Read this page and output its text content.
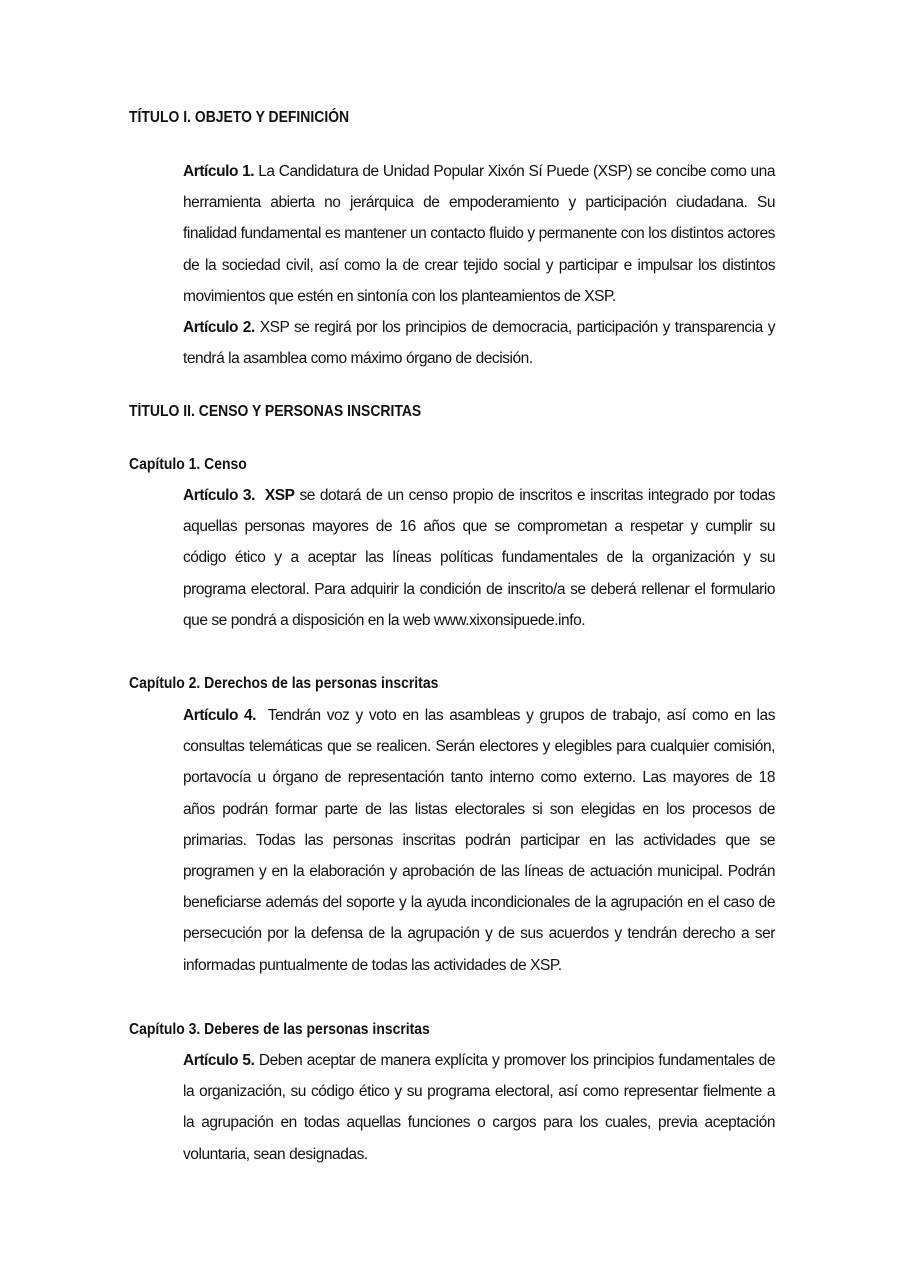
TÍTULO I. OBJETO Y DEFINICIÓN

Artículo 1. La Candidatura de Unidad Popular Xixón Sí Puede (XSP) se concibe como una herramienta abierta no jerárquica de empoderamiento y participación ciudadana. Su finalidad fundamental es mantener un contacto fluido y permanente con los distintos actores de la sociedad civil, así como la de crear tejido social y participar e impulsar los distintos movimientos que estén en sintonía con los planteamientos de XSP.

Artículo 2. XSP se regirá por los principios de democracia, participación y transparencia y tendrá la asamblea como máximo órgano de decisión.

TÍTULO II. CENSO Y PERSONAS INSCRITAS
Capítulo 1. Censo

Artículo 3. XSP se dotará de un censo propio de inscritos e inscritas integrado por todas aquellas personas mayores de 16 años que se comprometan a respetar y cumplir su código ético y a aceptar las líneas políticas fundamentales de la organización y su programa electoral. Para adquirir la condición de inscrito/a se deberá rellenar el formulario que se pondrá a disposición en la web www.xixonsipuede.info.

Capítulo 2. Derechos de las personas inscritas

Artículo 4. Tendrán voz y voto en las asambleas y grupos de trabajo, así como en las consultas telemáticas que se realicen. Serán electores y elegibles para cualquier comisión, portavocía u órgano de representación tanto interno como externo. Las mayores de 18 años podrán formar parte de las listas electorales si son elegidas en los procesos de primarias. Todas las personas inscritas podrán participar en las actividades que se programen y en la elaboración y aprobación de las líneas de actuación municipal. Podrán beneficiarse además del soporte y la ayuda incondicionales de la agrupación en el caso de persecución por la defensa de la agrupación y de sus acuerdos y tendrán derecho a ser informadas puntualmente de todas las actividades de XSP.

Capítulo 3. Deberes de las personas inscritas

Artículo 5. Deben aceptar de manera explícita y promover los principios fundamentales de la organización, su código ético y su programa electoral, así como representar fielmente a la agrupación en todas aquellas funciones o cargos para los cuales, previa aceptación voluntaria, sean designadas.
